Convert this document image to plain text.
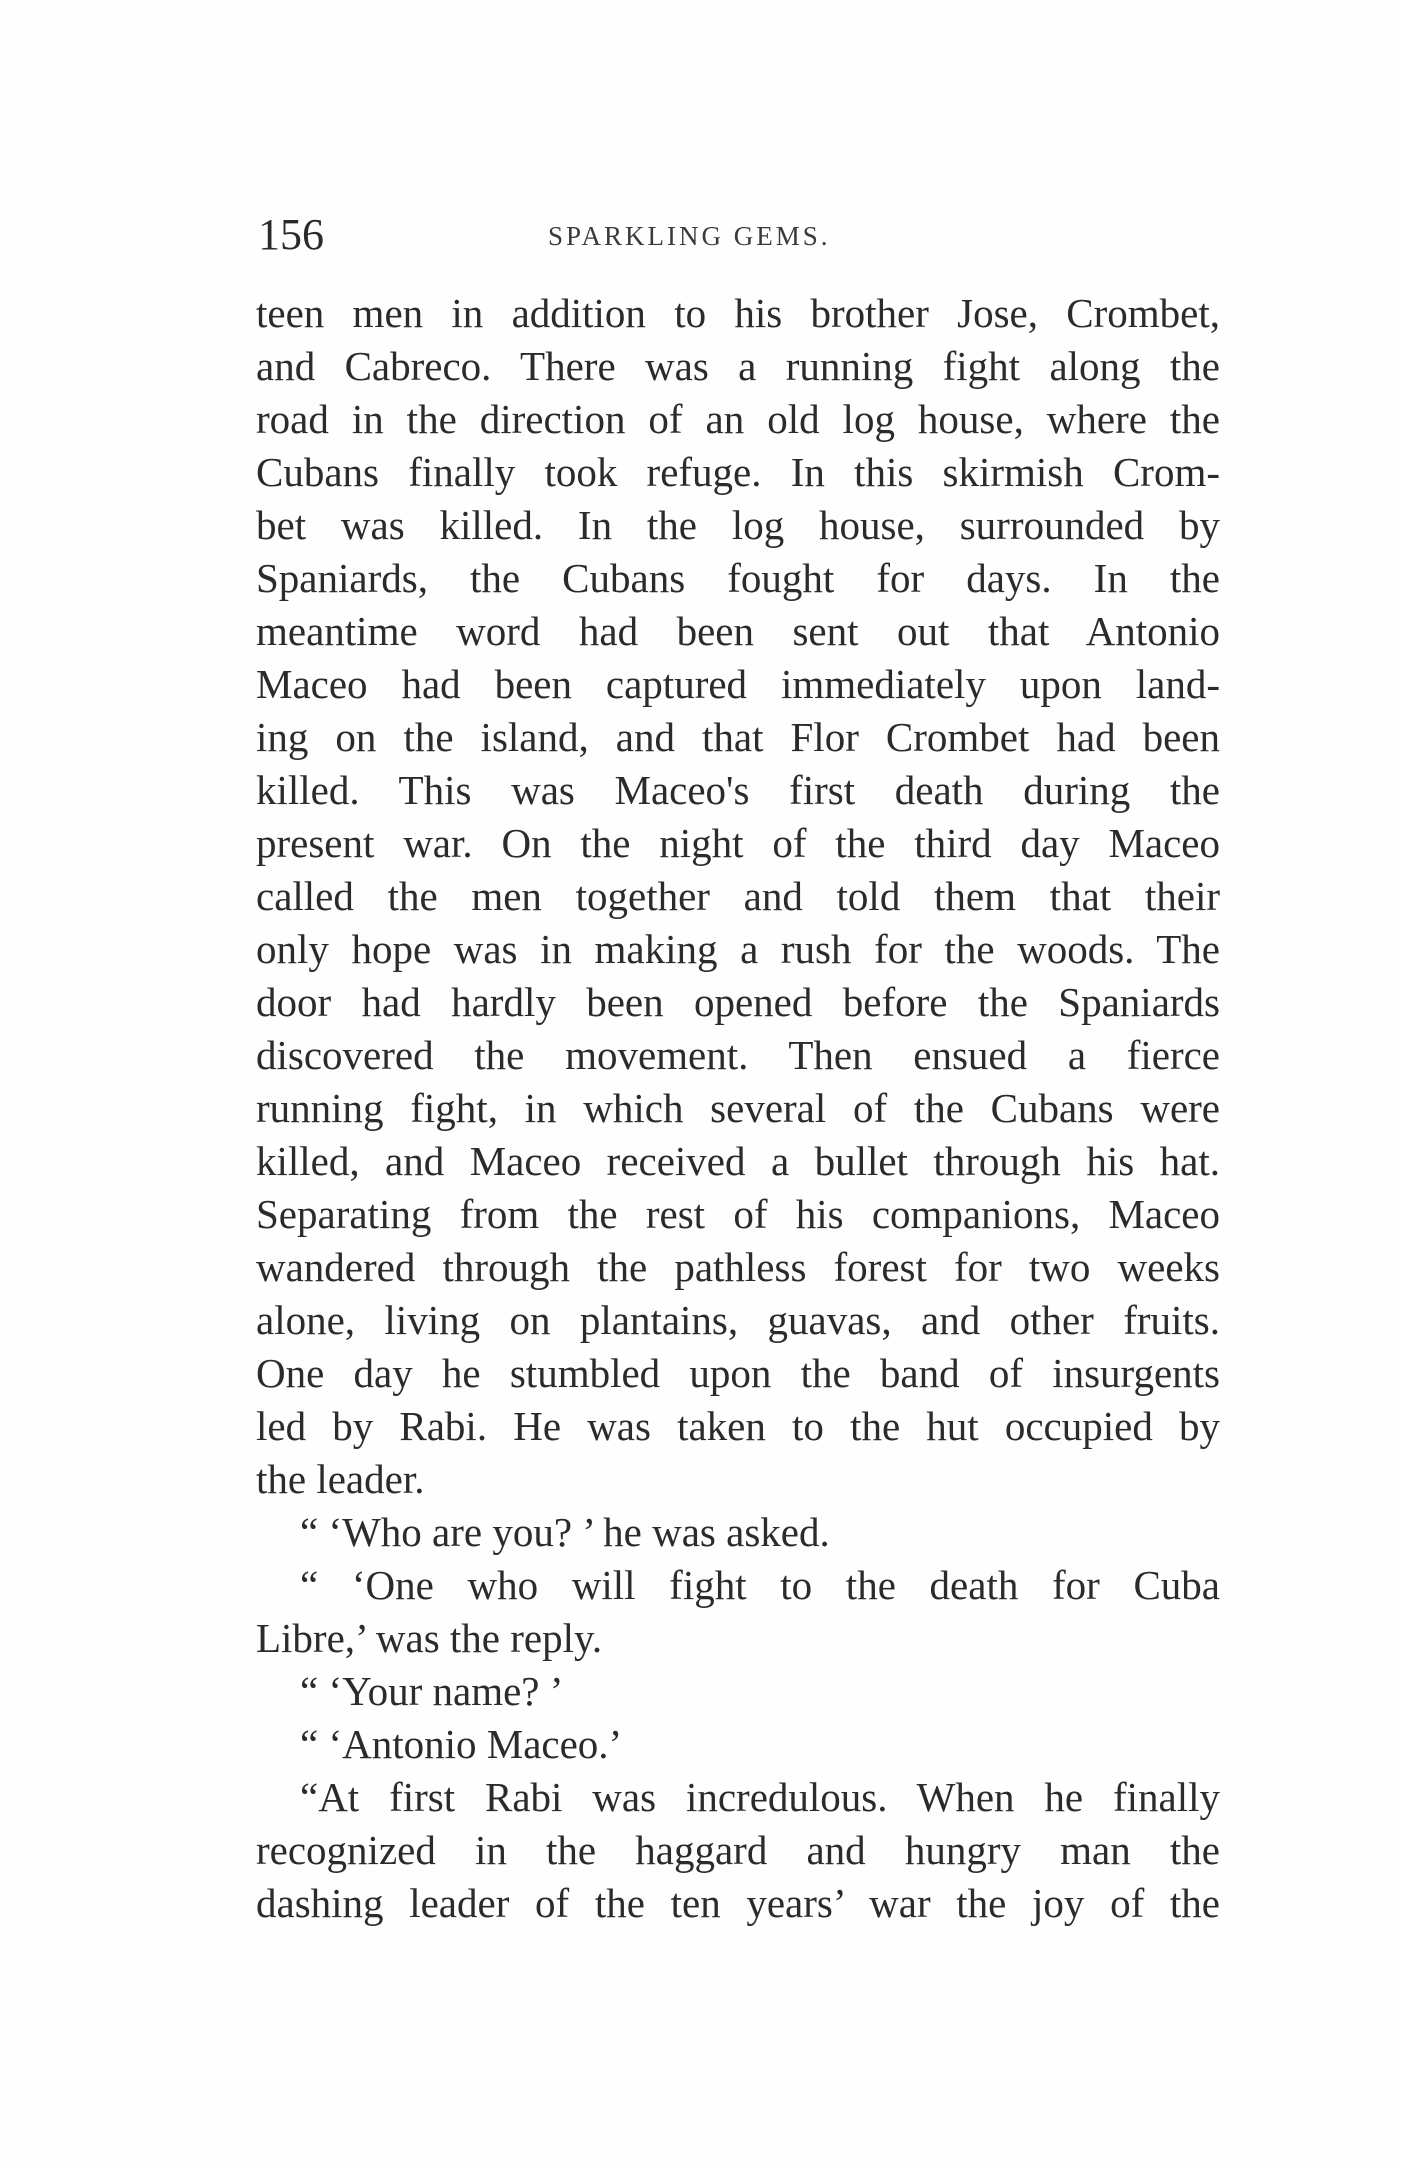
156	SPARKLING GEMS.
teen men in addition to his brother Jose, Crombet,
and Cabreco. There was a running fight along the
road in the direction of an old log house, where the
Cubans finally took refuge. In this skirmish Crom-
bet was killed. In the log house, surrounded by
Spaniards, the Cubans fought for days. In the
meantime word had been sent out that Antonio
Maceo had been captured immediately upon land-
ing on the island, and that Flor Crombet had been
killed. This was Maceo's first death during the
present war. On the night of the third day Maceo
called the men together and told them that their
only hope was in making a rush for the woods. The
door had hardly been opened before the Spaniards
discovered the movement. Then ensued a fierce
running fight, in which several of the Cubans were
killed, and Maceo received a bullet through his hat.
Separating from the rest of his companions, Maceo
wandered through the pathless forest for two weeks
alone, living on plantains, guavas, and other fruits.
One day he stumbled upon the band of insurgents
led by Rabi. He was taken to the hut occupied by
the leader.
“ ‘Who are you? ’ he was asked.
“ ‘One who will fight to the death for Cuba
Libre,’ was the reply.
“ ‘Your name? ’
“ ‘Antonio Maceo.’
“At first Rabi was incredulous. When he finally
recognized in the haggard and hungry man the
dashing leader of the ten years’ war the joy of the
